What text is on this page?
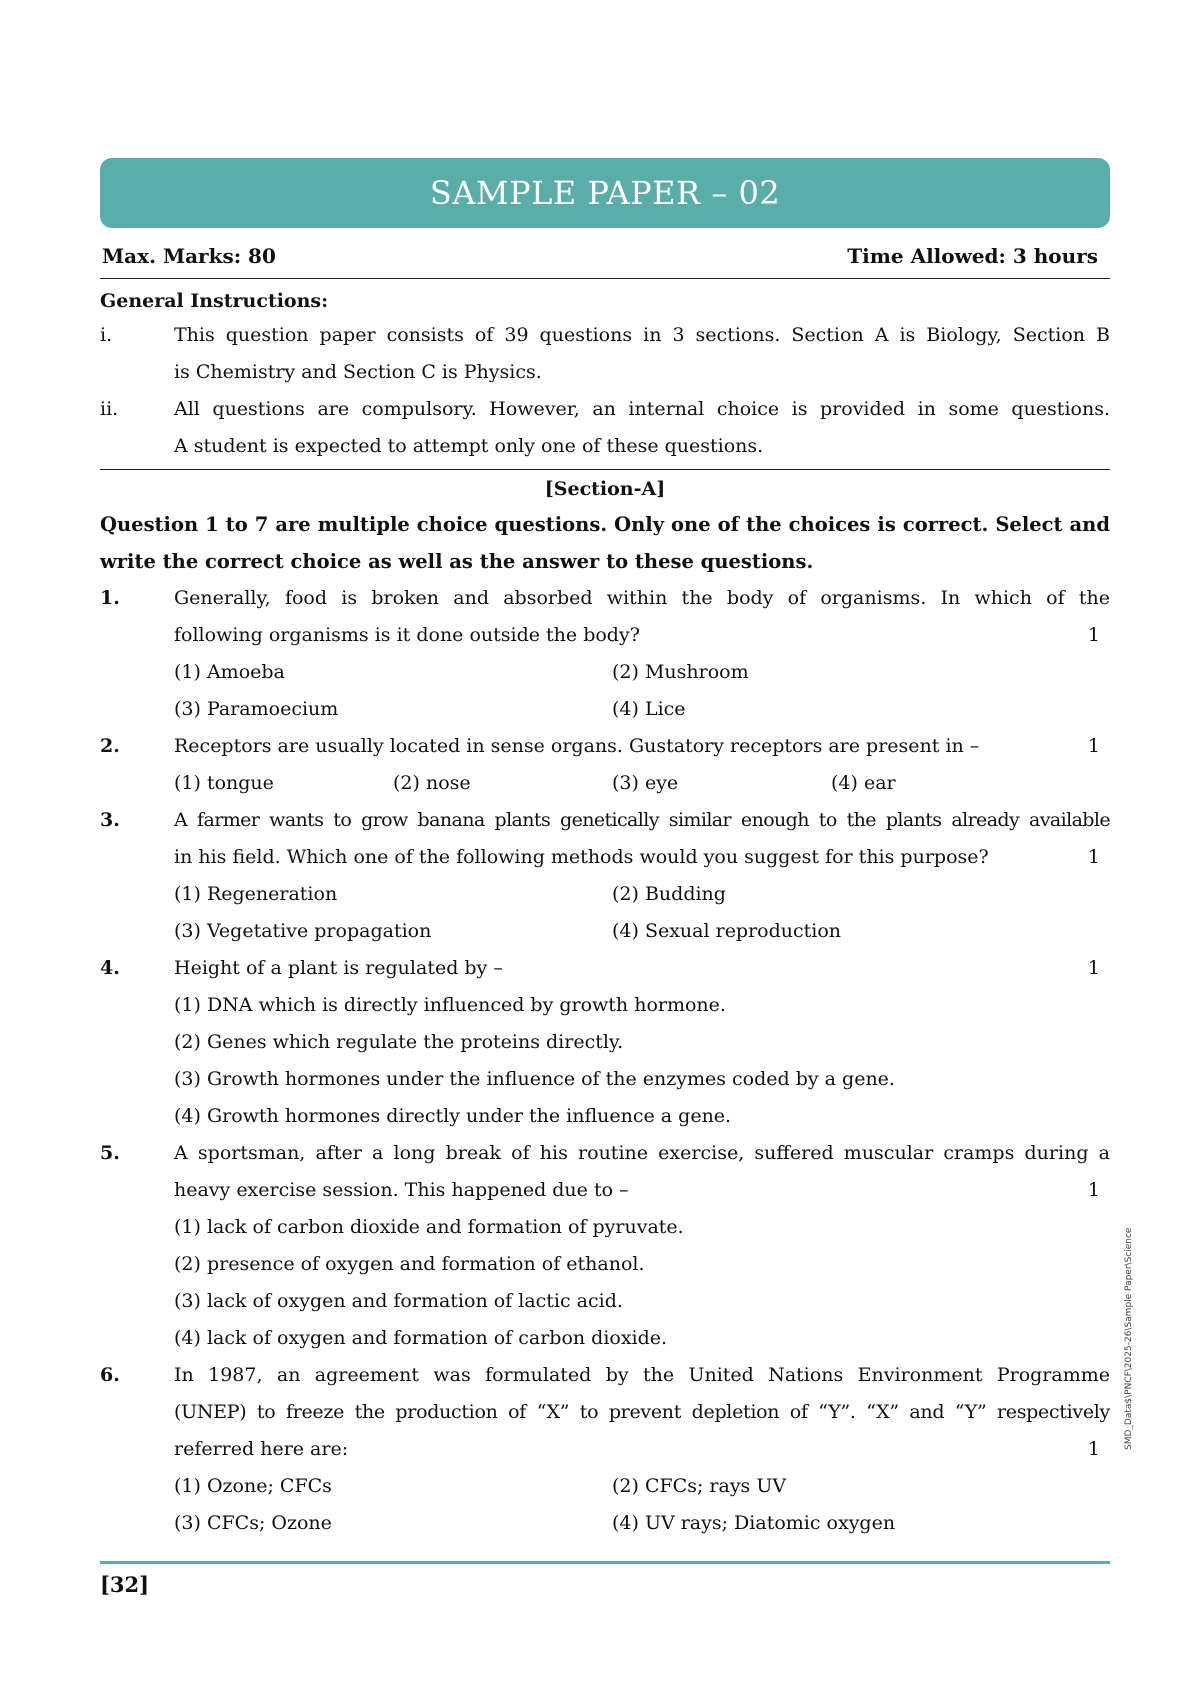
SAMPLE PAPER – 02
Max. Marks: 80	Time Allowed: 3 hours
General Instructions:
i.	This question paper consists of 39 questions in 3 sections. Section A is Biology, Section B
is Chemistry and Section C is Physics.
ii.	All questions are compulsory. However, an internal choice is provided in some questions.
A student is expected to attempt only one of these questions.
[Section-A]
Question 1 to 7 are multiple choice questions. Only one of the choices is correct. Select and
write the correct choice as well as the answer to these questions.
1.	Generally, food is broken and absorbed within the body of organisms. In which of the
following organisms is it done outside the body?	1
(1) Amoeba	(2) Mushroom
(3) Paramoecium	(4) Lice
2.	Receptors are usually located in sense organs. Gustatory receptors are present in –	1
(1) tongue	(2) nose	(3) eye	(4) ear
3.	A farmer wants to grow banana plants genetically similar enough to the plants already available
in his field. Which one of the following methods would you suggest for this purpose?	1
(1) Regeneration	(2) Budding
(3) Vegetative propagation	(4) Sexual reproduction
4.	Height of a plant is regulated by –	1
(1) DNA which is directly influenced by growth hormone.
(2) Genes which regulate the proteins directly.
(3) Growth hormones under the influence of the enzymes coded by a gene.
(4) Growth hormones directly under the influence a gene.
5.	A sportsman, after a long break of his routine exercise, suffered muscular cramps during a
heavy exercise session. This happened due to –	1
(1) lack of carbon dioxide and formation of pyruvate.
(2) presence of oxygen and formation of ethanol.
(3) lack of oxygen and formation of lactic acid.
(4) lack of oxygen and formation of carbon dioxide.
6.	In 1987, an agreement was formulated by the United Nations Environment Programme
(UNEP) to freeze the production of “X” to prevent depletion of “Y”. “X” and “Y” respectively
referred here are:	1
(1) Ozone; CFCs	(2) CFCs; rays UV
(3) CFCs; Ozone	(4) UV rays; Diatomic oxygen
[32]
SMD_Data$\PNCF\2025-26\Sample Paper\Science
